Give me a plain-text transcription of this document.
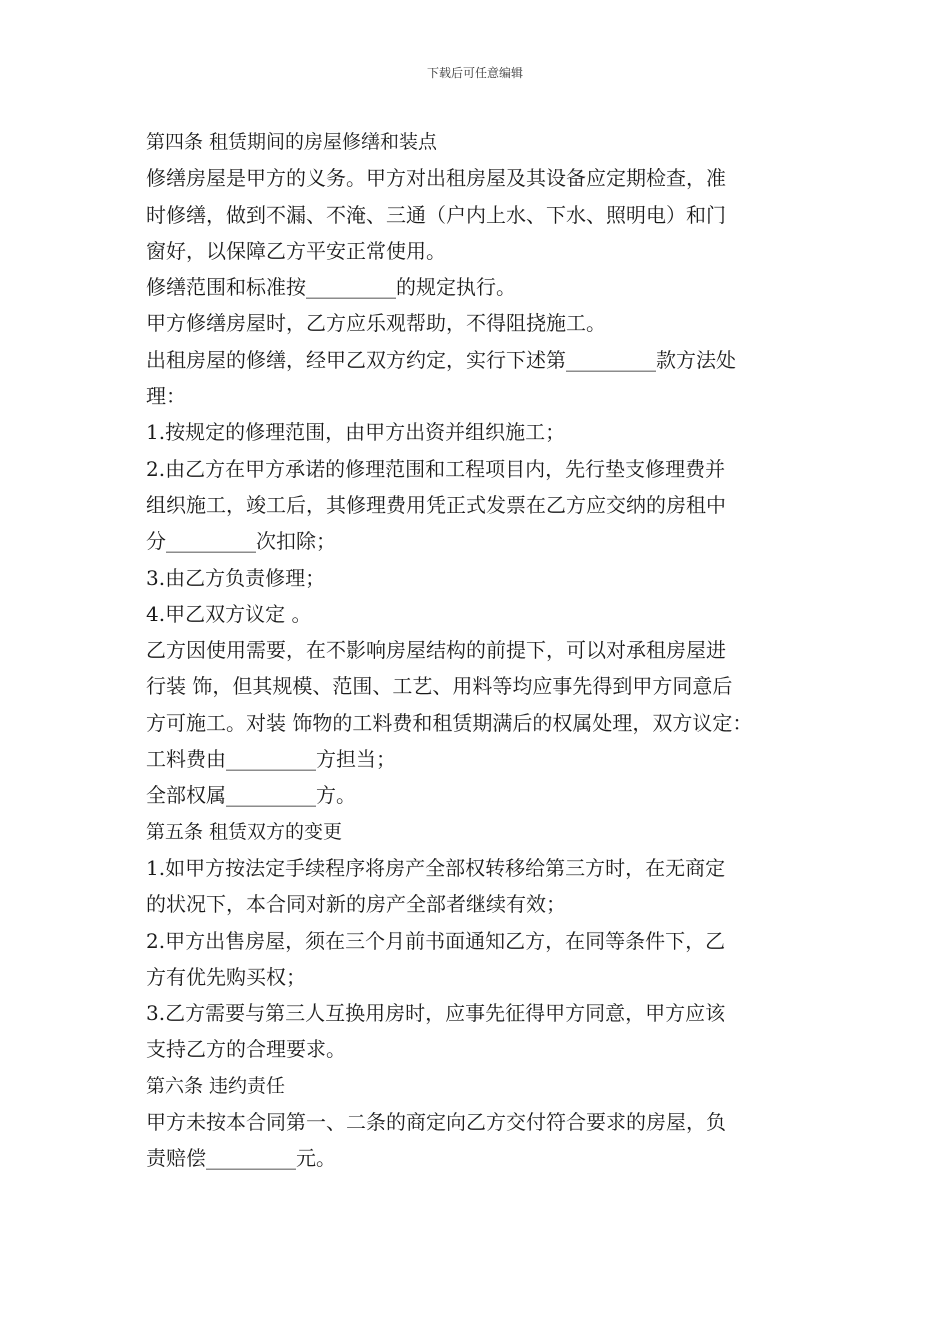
下载后可任意编辑
第四条 租赁期间的房屋修缮和装点
修缮房屋是甲方的义务。甲方对出租房屋及其设备应定期检查，准
时修缮，做到不漏、不淹、三通（户内上水、下水、照明电）和门
窗好，以保障乙方平安正常使用。
修缮范围和标准按_________的规定执行。
甲方修缮房屋时，乙方应乐观帮助，不得阻挠施工。
出租房屋的修缮，经甲乙双方约定，实行下述第_________款方法处
理：
1.按规定的修理范围，由甲方出资并组织施工；
2.由乙方在甲方承诺的修理范围和工程项目内，先行垫支修理费并
组织施工，竣工后，其修理费用凭正式发票在乙方应交纳的房租中
分_________次扣除；
3.由乙方负责修理；
4.甲乙双方议定 。
乙方因使用需要，在不影响房屋结构的前提下，可以对承租房屋进
行装 饰，但其规模、范围、工艺、用料等均应事先得到甲方同意后
方可施工。对装 饰物的工料费和租赁期满后的权属处理，双方议定：
工料费由_________方担当；
全部权属_________方。
第五条 租赁双方的变更
1.如甲方按法定手续程序将房产全部权转移给第三方时，在无商定
的状况下，本合同对新的房产全部者继续有效；
2.甲方出售房屋，须在三个月前书面通知乙方，在同等条件下，乙
方有优先购买权；
3.乙方需要与第三人互换用房时，应事先征得甲方同意，甲方应该
支持乙方的合理要求。
第六条 违约责任
甲方未按本合同第一、二条的商定向乙方交付符合要求的房屋，负
责赔偿_________元。
